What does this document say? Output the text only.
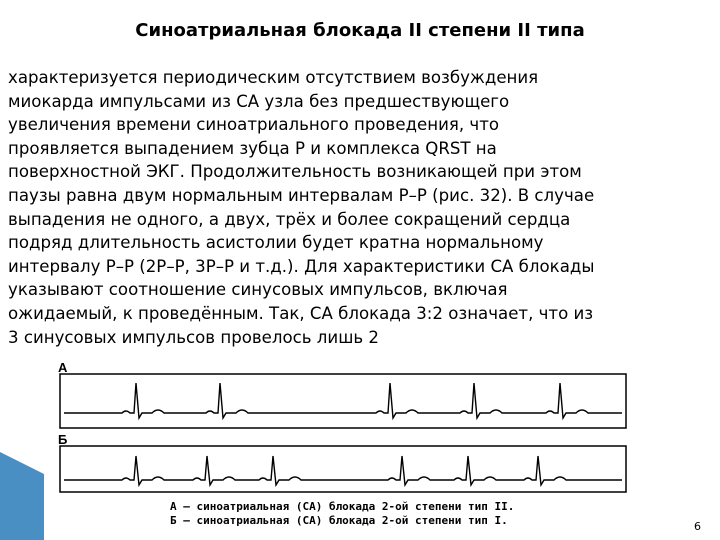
Синоатриальная блокада II степени II типа
характеризуется периодическим отсутствием возбуждения
миокарда импульсами из СА узла без предшествующего
увеличения времени синоатриального проведения, что
проявляется выпадением зубца Р и комплекса QRST на
поверхностной ЭКГ. Продолжительность возникающей при этом
паузы равна двум нормальным интервалам Р–Р (рис. 32). В случае
выпадения не одного, а двух, трёх и более сокращений сердца
подряд длительность асистолии будет кратна нормальному
интервалу Р–Р (2Р–Р, 3Р–Р и т.д.). Для характеристики СА блокады
указывают соотношение синусовых импульсов, включая
ожидаемый, к проведённым. Так, СА блокада 3:2 означает, что из
3 синусовых импульсов провелось лишь 2
А
Б
А – синоатриальная (СА) блокада 2-ой степени тип II.
Б – синоатриальная (СА) блокада 2-ой степени тип I.	6
